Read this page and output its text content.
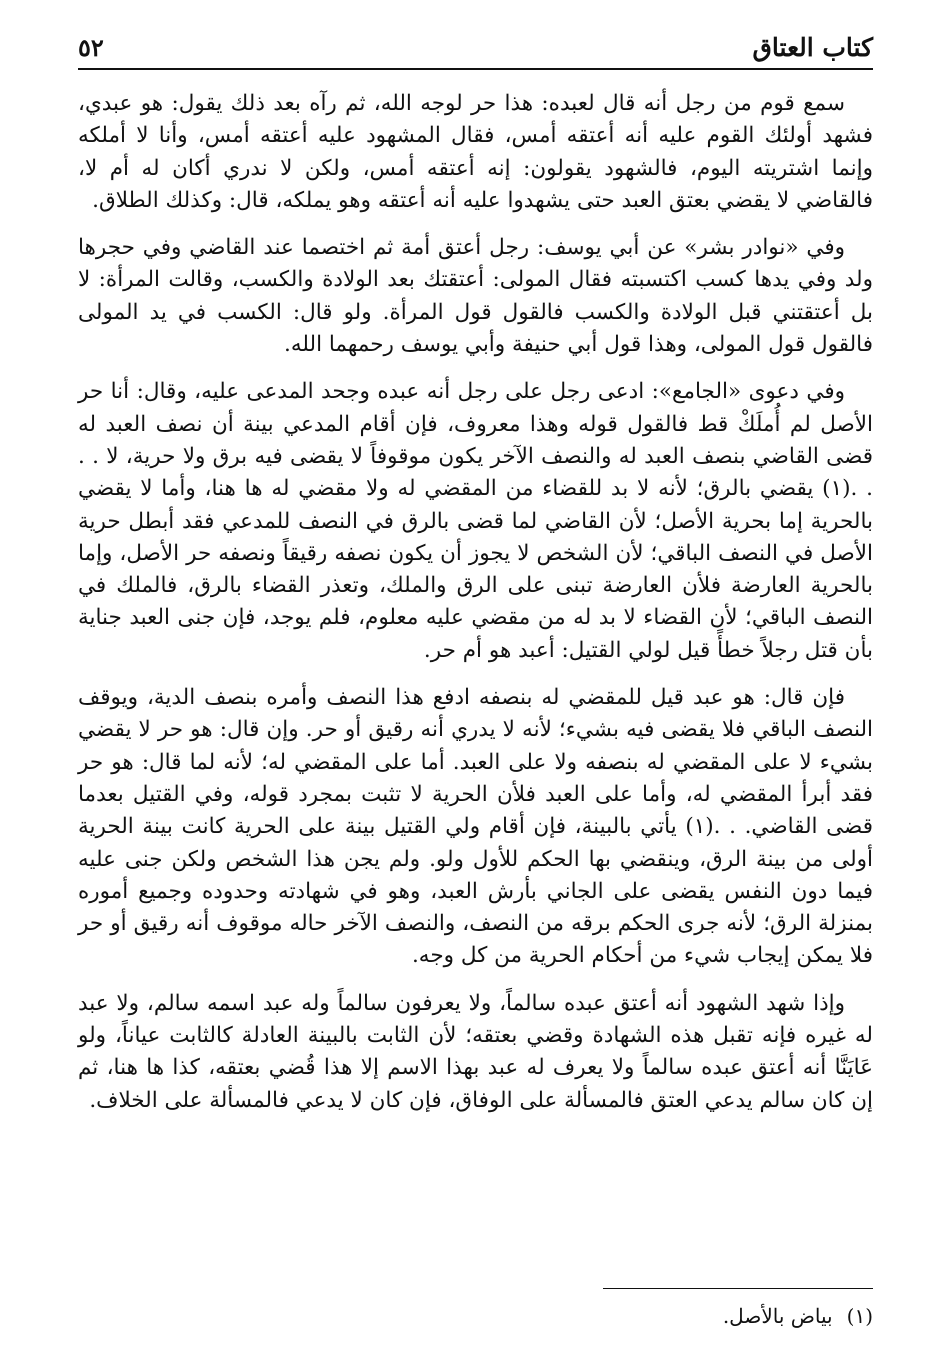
كتاب العتاق
٥٢

سمع قوم من رجل أنه قال لعبده: هذا حر لوجه الله، ثم رآه بعد ذلك يقول: هو عبدي، فشهد أولئك القوم عليه أنه أعتقه أمس، فقال المشهود عليه أعتقه أمس، وأنا لا أملكه وإنما اشتريته اليوم، فالشهود يقولون: إنه أعتقه أمس، ولكن لا ندري أكان له أم لا، فالقاضي لا يقضي بعتق العبد حتى يشهدوا عليه أنه أعتقه وهو يملكه، قال: وكذلك الطلاق.

وفي «نوادر بشر» عن أبي يوسف: رجل أعتق أمة ثم اختصما عند القاضي وفي حجرها ولد وفي يدها كسب اكتسبته فقال المولى: أعتقتك بعد الولادة والكسب، وقالت المرأة: لا بل أعتقتني قبل الولادة والكسب فالقول قول المرأة. ولو قال: الكسب في يد المولى فالقول قول المولى، وهذا قول أبي حنيفة وأبي يوسف رحمهما الله.

وفي دعوى «الجامع»: ادعى رجل على رجل أنه عبده وجحد المدعى عليه، وقال: أنا حر الأصل لم أُملَكْ قط فالقول قوله وهذا معروف، فإن أقام المدعي بينة أن نصف العبد له قضى القاضي بنصف العبد له والنصف الآخر يكون موقوفاً لا يقضى فيه برق ولا حرية، لا . . . .(١) يقضي بالرق؛ لأنه لا بد للقضاء من المقضي له ولا مقضي له ها هنا، وأما لا يقضي بالحرية إما بحرية الأصل؛ لأن القاضي لما قضى بالرق في النصف للمدعي فقد أبطل حرية الأصل في النصف الباقي؛ لأن الشخص لا يجوز أن يكون نصفه رقيقاً ونصفه حر الأصل، وإما بالحرية العارضة فلأن العارضة تبنى على الرق والملك، وتعذر القضاء بالرق، فالملك في النصف الباقي؛ لأن القضاء لا بد له من مقضي عليه معلوم، فلم يوجد، فإن جنى العبد جناية بأن قتل رجلاً خطأً قيل لولي القتيل: أعبد هو أم حر.

فإن قال: هو عبد قيل للمقضي له بنصفه ادفع هذا النصف وأمره بنصف الدية، ويوقف النصف الباقي فلا يقضى فيه بشيء؛ لأنه لا يدري أنه رقيق أو حر. وإن قال: هو حر لا يقضي بشيء لا على المقضي له بنصفه ولا على العبد. أما على المقضي له؛ لأنه لما قال: هو حر فقد أبرأ المقضي له، وأما على العبد فلأن الحرية لا تثبت بمجرد قوله، وفي القتيل بعدما قضى القاضي. . .(١) يأتي بالبينة، فإن أقام ولي القتيل بينة على الحرية كانت بينة الحرية أولى من بينة الرق، وينقضي بها الحكم للأول ولو. ولم يجن هذا الشخص ولكن جنى عليه فيما دون النفس يقضى على الجاني بأرش العبد، وهو في شهادته وحدوده وجميع أموره بمنزلة الرق؛ لأنه جرى الحكم برقه من النصف، والنصف الآخر حاله موقوف أنه رقيق أو حر فلا يمكن إيجاب شيء من أحكام الحرية من كل وجه.

وإذا شهد الشهود أنه أعتق عبده سالماً، ولا يعرفون سالماً وله عبد اسمه سالم، ولا عبد له غيره فإنه تقبل هذه الشهادة وقضي بعتقه؛ لأن الثابت بالبينة العادلة كالثابت عياناً، ولو عَايَنَّا أنه أعتق عبده سالماً ولا يعرف له عبد بهذا الاسم إلا هذا قُضي بعتقه، كذا ها هنا، ثم إن كان سالم يدعي العتق فالمسألة على الوفاق، فإن كان لا يدعي فالمسألة على الخلاف.

(١)بياض بالأصل.
